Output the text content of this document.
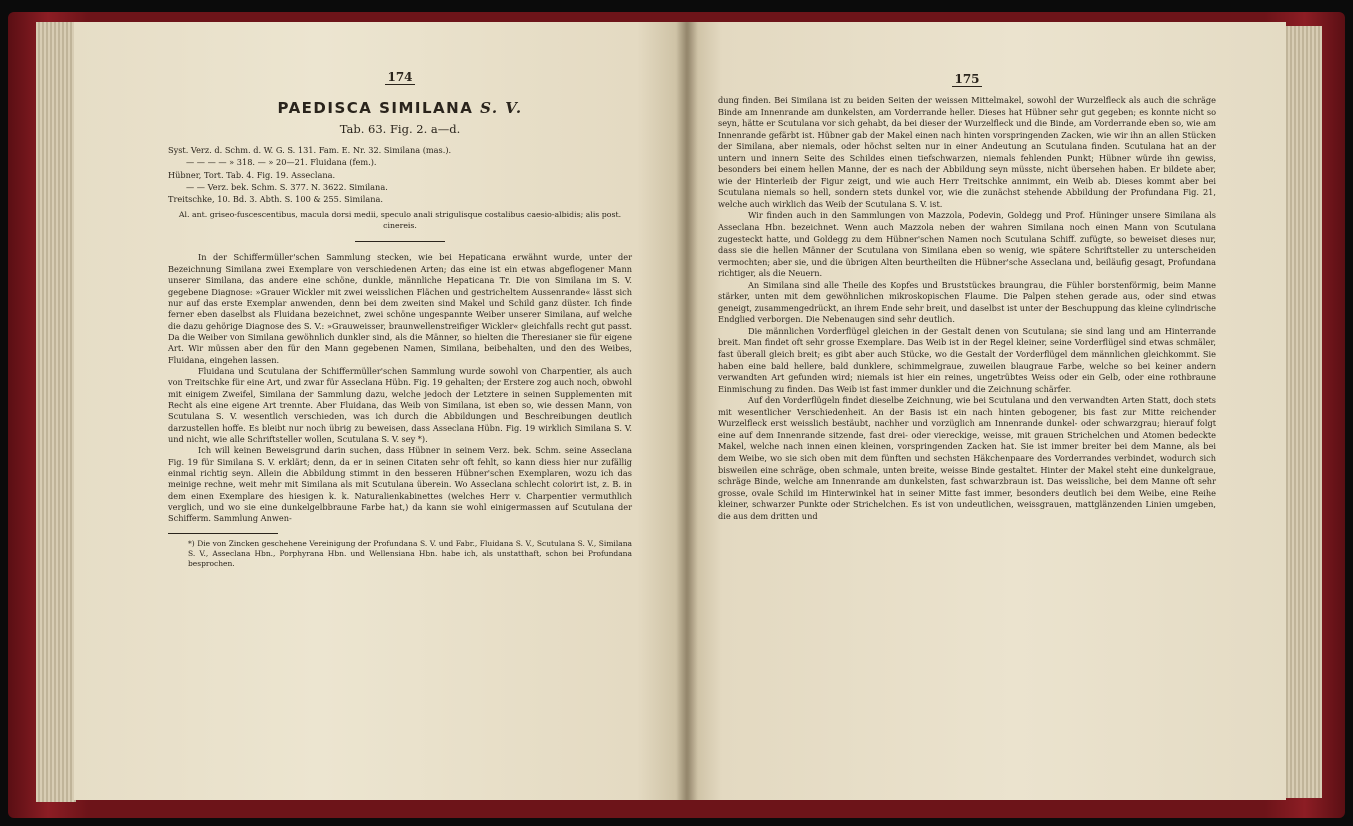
174
PAEDISCA SIMILANA S. V.
Tab. 63. Fig. 2. a—d.
Syst. Verz. d. Schm. d. W. G. S. 131. Fam. E. Nr. 32. Similana (mas.).
— — — — » 318. — » 20—21. Fluidana (fem.).
Hübner, Tort. Tab. 4. Fig. 19. Asseclana.
— — Verz. bek. Schm. S. 377. N. 3622. Similana.
Treitschke, 10. Bd. 3. Abth. S. 100 & 255. Similana.
Al. ant. griseo-fuscescentibus, macula dorsi medii, speculo anali strigulisque costalibus caesio-albidis; alis post. cinereis.

In der Schiffermüller'schen Sammlung stecken, wie bei Hepaticana erwähnt wurde, unter der Bezeichnung Similana zwei Exemplare von verschiedenen Arten; das eine ist ein etwas abgeflogener Mann unserer Similana, das andere eine schöne, dunkle, männliche Hepaticana Tr. Die von Similana im S. V. gegebene Diagnose: »Grauer Wickler mit zwei weisslichen Flächen und gestricheltem Aussenrande« lässt sich nur auf das erste Exemplar anwenden, denn bei dem zweiten sind Makel und Schild ganz düster. Ich finde ferner eben daselbst als Fluidana bezeichnet, zwei schöne ungespannte Weiber unserer Similana, auf welche die dazu gehörige Diagnose des S. V.: »Grauweisser, braunwellenstreifiger Wickler« gleichfalls recht gut passt. Da die Weiber von Similana gewöhnlich dunkler sind, als die Männer, so hielten die Theresianer sie für eigene Art. Wir müssen aber den für den Mann gegebenen Namen, Similana, beibehalten, und den des Weibes, Fluidana, eingehen lassen.

Fluidana und Scutulana der Schiffermüller'schen Sammlung wurde sowohl von Charpentier, als auch von Treitschke für eine Art, und zwar für Asseclana Hübn. Fig. 19 gehalten; der Erstere zog auch noch, obwohl mit einigem Zweifel, Similana der Sammlung dazu, welche jedoch der Letztere in seinen Supplementen mit Recht als eine eigene Art trennte. Aber Fluidana, das Weib von Similana, ist eben so, wie dessen Mann, von Scutulana S. V. wesentlich verschieden, was ich durch die Abbildungen und Beschreibungen deutlich darzustellen hoffe. Es bleibt nur noch übrig zu beweisen, dass Asseclana Hübn. Fig. 19 wirklich Similana S. V. und nicht, wie alle Schriftsteller wollen, Scutulana S. V. sey *).

Ich will keinen Beweisgrund darin suchen, dass Hübner in seinem Verz. bek. Schm. seine Asseclana Fig. 19 für Similana S. V. erklärt; denn, da er in seinen Citaten sehr oft fehlt, so kann diess hier nur zufällig einmal richtig seyn. Allein die Abbildung stimmt in den besseren Hübner'schen Exemplaren, wozu ich das meinige rechne, weit mehr mit Similana als mit Scutulana überein. Wo Asseclana schlecht colorirt ist, z. B. in dem einen Exemplare des hiesigen k. k. Naturalienkabinettes (welches Herr v. Charpentier vermuthlich verglich, und wo sie eine dunkelgelbbraune Farbe hat,) da kann sie wohl einigermassen auf Scutulana der Schifferm. Sammlung Anwen-

*) Die von Zincken geschehene Vereinigung der Profundana S. V. und Fabr., Fluidana S. V., Scutulana S. V., Similana S. V., Asseclana Hbn., Porphyrana Hbn. und Wellensiana Hbn. habe ich, als unstatthaft, schon bei Profundana besprochen.
175

dung finden. Bei Similana ist zu beiden Seiten der weissen Mittelmakel, sowohl der Wurzelfleck als auch die schräge Binde am Innenrande am dunkelsten, am Vorderrande heller. Dieses hat Hübner sehr gut gegeben; es konnte nicht so seyn, hätte er Scutulana vor sich gehabt, da bei dieser der Wurzelfleck und die Binde, am Vorderrande eben so, wie am Innenrande gefärbt ist. Hübner gab der Makel einen nach hinten vorspringenden Zacken, wie wir ihn an allen Stücken der Similana, aber niemals, oder höchst selten nur in einer Andeutung an Scutulana finden. Scutulana hat an der untern und innern Seite des Schildes einen tiefschwarzen, niemals fehlenden Punkt; Hübner würde ihn gewiss, besonders bei einem hellen Manne, der es nach der Abbildung seyn müsste, nicht übersehen haben. Er bildete aber, wie der Hinterleib der Figur zeigt, und wie auch Herr Treitschke annimmt, ein Weib ab. Dieses kommt aber bei Scutulana niemals so hell, sondern stets dunkel vor, wie die zunächst stehende Abbildung der Profundana Fig. 21, welche auch wirklich das Weib der Scutulana S. V. ist.

Wir finden auch in den Sammlungen von Mazzola, Podevin, Goldegg und Prof. Hüninger unsere Similana als Asseclana Hbn. bezeichnet. Wenn auch Mazzola neben der wahren Similana noch einen Mann von Scutulana zugesteckt hatte, und Goldegg zu dem Hübner'schen Namen noch Scutulana Schiff. zufügte, so beweiset dieses nur, dass sie die hellen Männer der Scutulana von Similana eben so wenig, wie spätere Schriftsteller zu unterscheiden vermochten; aber sie, und die übrigen Alten beurtheilten die Hübner'sche Asseclana und, beiläufig gesagt, Profundana richtiger, als die Neuern.

An Similana sind alle Theile des Kopfes und Bruststückes braungrau, die Fühler borstenförmig, beim Manne stärker, unten mit dem gewöhnlichen mikroskopischen Flaume. Die Palpen stehen gerade aus, oder sind etwas geneigt, zusammengedrückt, an ihrem Ende sehr breit, und daselbst ist unter der Beschuppung das kleine cylindrische Endglied verborgen. Die Nebenaugen sind sehr deutlich.

Die männlichen Vorderflügel gleichen in der Gestalt denen von Scutulana; sie sind lang und am Hinterrande breit. Man findet oft sehr grosse Exemplare. Das Weib ist in der Regel kleiner, seine Vorderflügel sind etwas schmäler, fast überall gleich breit; es gibt aber auch Stücke, wo die Gestalt der Vorderflügel dem männlichen gleichkommt. Sie haben eine bald hellere, bald dunklere, schimmelgraue, zuweilen blaugraue Farbe, welche so bei keiner andern verwandten Art gefunden wird; niemals ist hier ein reines, ungetrübtes Weiss oder ein Gelb, oder eine rothbraune Einmischung zu finden. Das Weib ist fast immer dunkler und die Zeichnung schärfer.

Auf den Vorderflügeln findet dieselbe Zeichnung, wie bei Scutulana und den verwandten Arten Statt, doch stets mit wesentlicher Verschiedenheit. An der Basis ist ein nach hinten gebogener, bis fast zur Mitte reichender Wurzelfleck erst weisslich bestäubt, nachher und vorzüglich am Innenrande dunkel- oder schwarzgrau; hierauf folgt eine auf dem Innenrande sitzende, fast drei- oder viereckige, weisse, mit grauen Strichelchen und Atomen bedeckte Makel, welche nach innen einen kleinen, vorspringenden Zacken hat. Sie ist immer breiter bei dem Manne, als bei dem Weibe, wo sie sich oben mit dem fünften und sechsten Häkchenpaare des Vorderrandes verbindet, wodurch sich bisweilen eine schräge, oben schmale, unten breite, weisse Binde gestaltet. Hinter der Makel steht eine dunkelgraue, schräge Binde, welche am Innenrande am dunkelsten, fast schwarzbraun ist. Das weissliche, bei dem Manne oft sehr grosse, ovale Schild im Hinterwinkel hat in seiner Mitte fast immer, besonders deutlich bei dem Weibe, eine Reihe kleiner, schwarzer Punkte oder Strichelchen. Es ist von undeutlichen, weissgrauen, mattglänzenden Linien umgeben, die aus dem dritten und
